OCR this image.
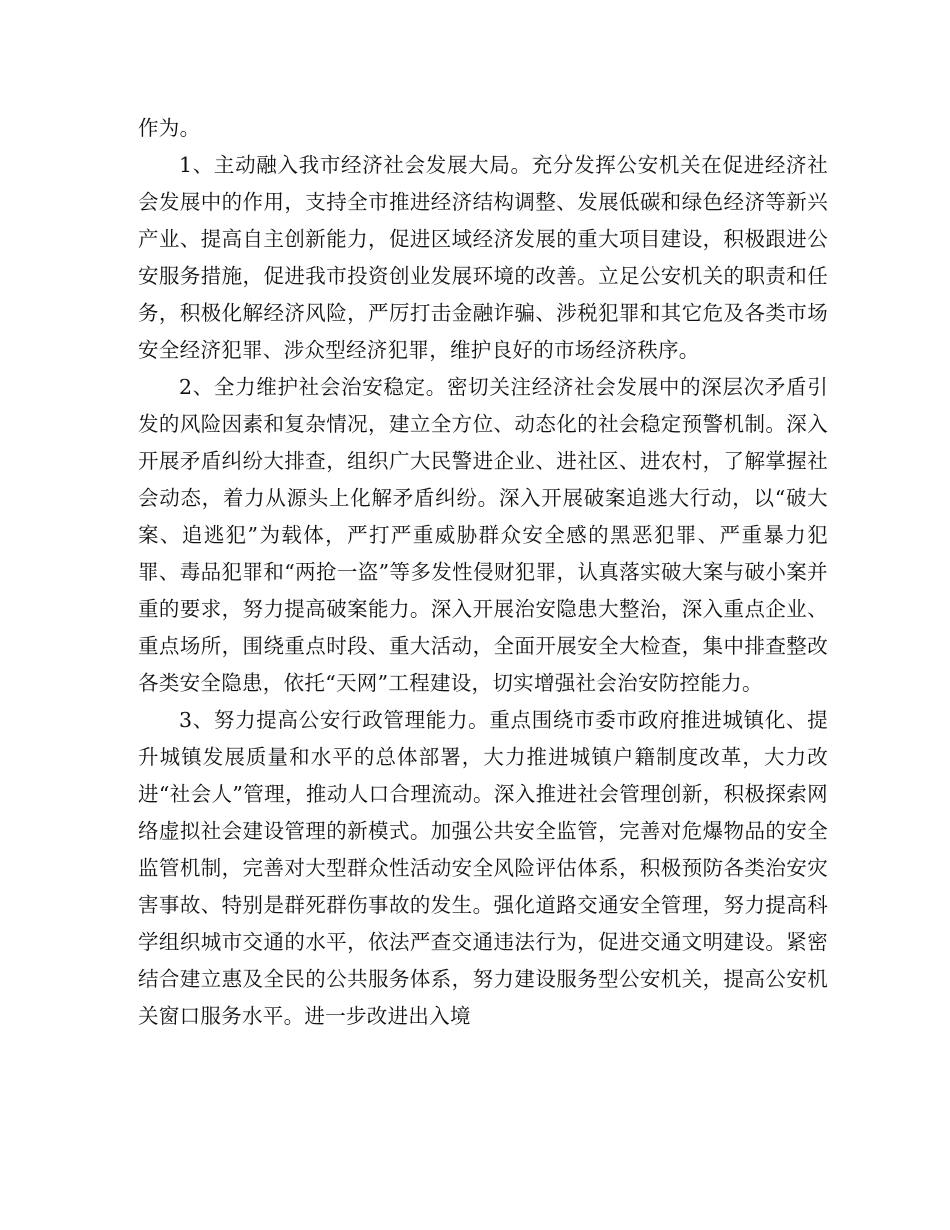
作为。

1、主动融入我市经济社会发展大局。充分发挥公安机关在促进经济社会发展中的作用，支持全市推进经济结构调整、发展低碳和绿色经济等新兴产业、提高自主创新能力，促进区域经济发展的重大项目建设，积极跟进公安服务措施，促进我市投资创业发展环境的改善。立足公安机关的职责和任务，积极化解经济风险，严厉打击金融诈骗、涉税犯罪和其它危及各类市场安全经济犯罪、涉众型经济犯罪，维护良好的市场经济秩序。

2、全力维护社会治安稳定。密切关注经济社会发展中的深层次矛盾引发的风险因素和复杂情况，建立全方位、动态化的社会稳定预警机制。深入开展矛盾纠纷大排查，组织广大民警进企业、进社区、进农村，了解掌握社会动态，着力从源头上化解矛盾纠纷。深入开展破案追逃大行动，以“破大案、追逃犯”为载体，严打严重威胁群众安全感的黑恶犯罪、严重暴力犯罪、毒品犯罪和“两抢一盗”等多发性侵财犯罪，认真落实破大案与破小案并重的要求，努力提高破案能力。深入开展治安隐患大整治，深入重点企业、重点场所，围绕重点时段、重大活动，全面开展安全大检查，集中排查整改各类安全隐患，依托“天网”工程建设，切实增强社会治安防控能力。

3、努力提高公安行政管理能力。重点围绕市委市政府推进城镇化、提升城镇发展质量和水平的总体部署，大力推进城镇户籍制度改革，大力改进“社会人”管理，推动人口合理流动。深入推进社会管理创新，积极探索网络虚拟社会建设管理的新模式。加强公共安全监管，完善对危爆物品的安全监管机制，完善对大型群众性活动安全风险评估体系，积极预防各类治安灾害事故、特别是群死群伤事故的发生。强化道路交通安全管理，努力提高科学组织城市交通的水平，依法严查交通违法行为，促进交通文明建设。紧密结合建立惠及全民的公共服务体系，努力建设服务型公安机关，提高公安机关窗口服务水平。进一步改进出入境
